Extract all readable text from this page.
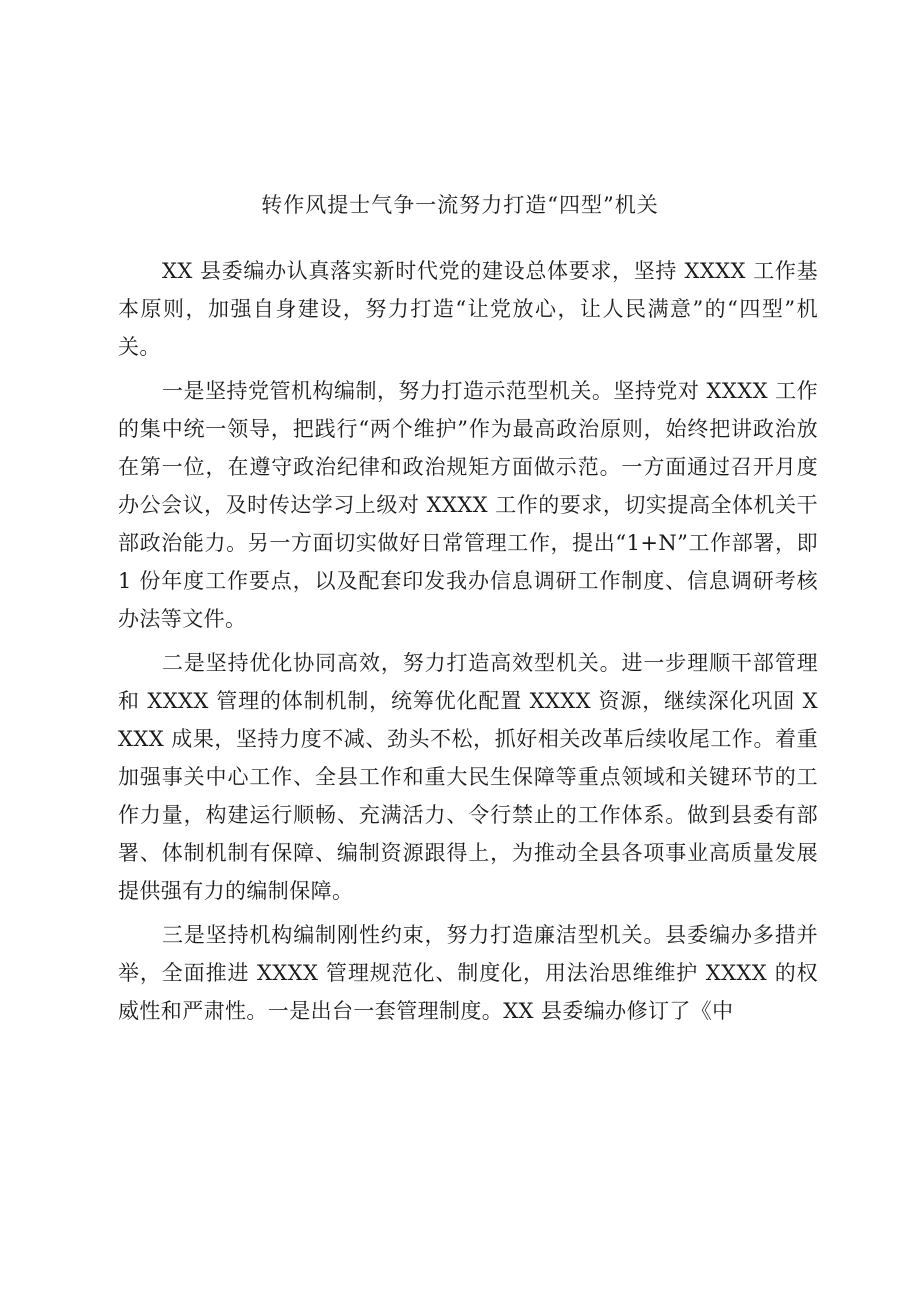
转作风提士气争一流努力打造“四型”机关

XX 县委编办认真落实新时代党的建设总体要求，坚持 XXXX 工作基本原则，加强自身建设，努力打造“让党放心，让人民满意”的“四型”机关。

一是坚持党管机构编制，努力打造示范型机关。坚持党对 XXXX 工作的集中统一领导，把践行“两个维护”作为最高政治原则，始终把讲政治放在第一位，在遵守政治纪律和政治规矩方面做示范。一方面通过召开月度办公会议，及时传达学习上级对 XXXX 工作的要求，切实提高全体机关干部政治能力。另一方面切实做好日常管理工作，提出“1+N”工作部署，即 1 份年度工作要点，以及配套印发我办信息调研工作制度、信息调研考核办法等文件。

二是坚持优化协同高效，努力打造高效型机关。进一步理顺干部管理和 XXXX 管理的体制机制，统筹优化配置 XXXX 资源，继续深化巩固 XXXX 成果，坚持力度不减、劲头不松，抓好相关改革后续收尾工作。着重加强事关中心工作、全县工作和重大民生保障等重点领域和关键环节的工作力量，构建运行顺畅、充满活力、令行禁止的工作体系。做到县委有部署、体制机制有保障、编制资源跟得上，为推动全县各项事业高质量发展提供强有力的编制保障。

三是坚持机构编制刚性约束，努力打造廉洁型机关。县委编办多措并举，全面推进 XXXX 管理规范化、制度化，用法治思维维护 XXXX 的权威性和严肃性。一是出台一套管理制度。XX 县委编办修订了《中
